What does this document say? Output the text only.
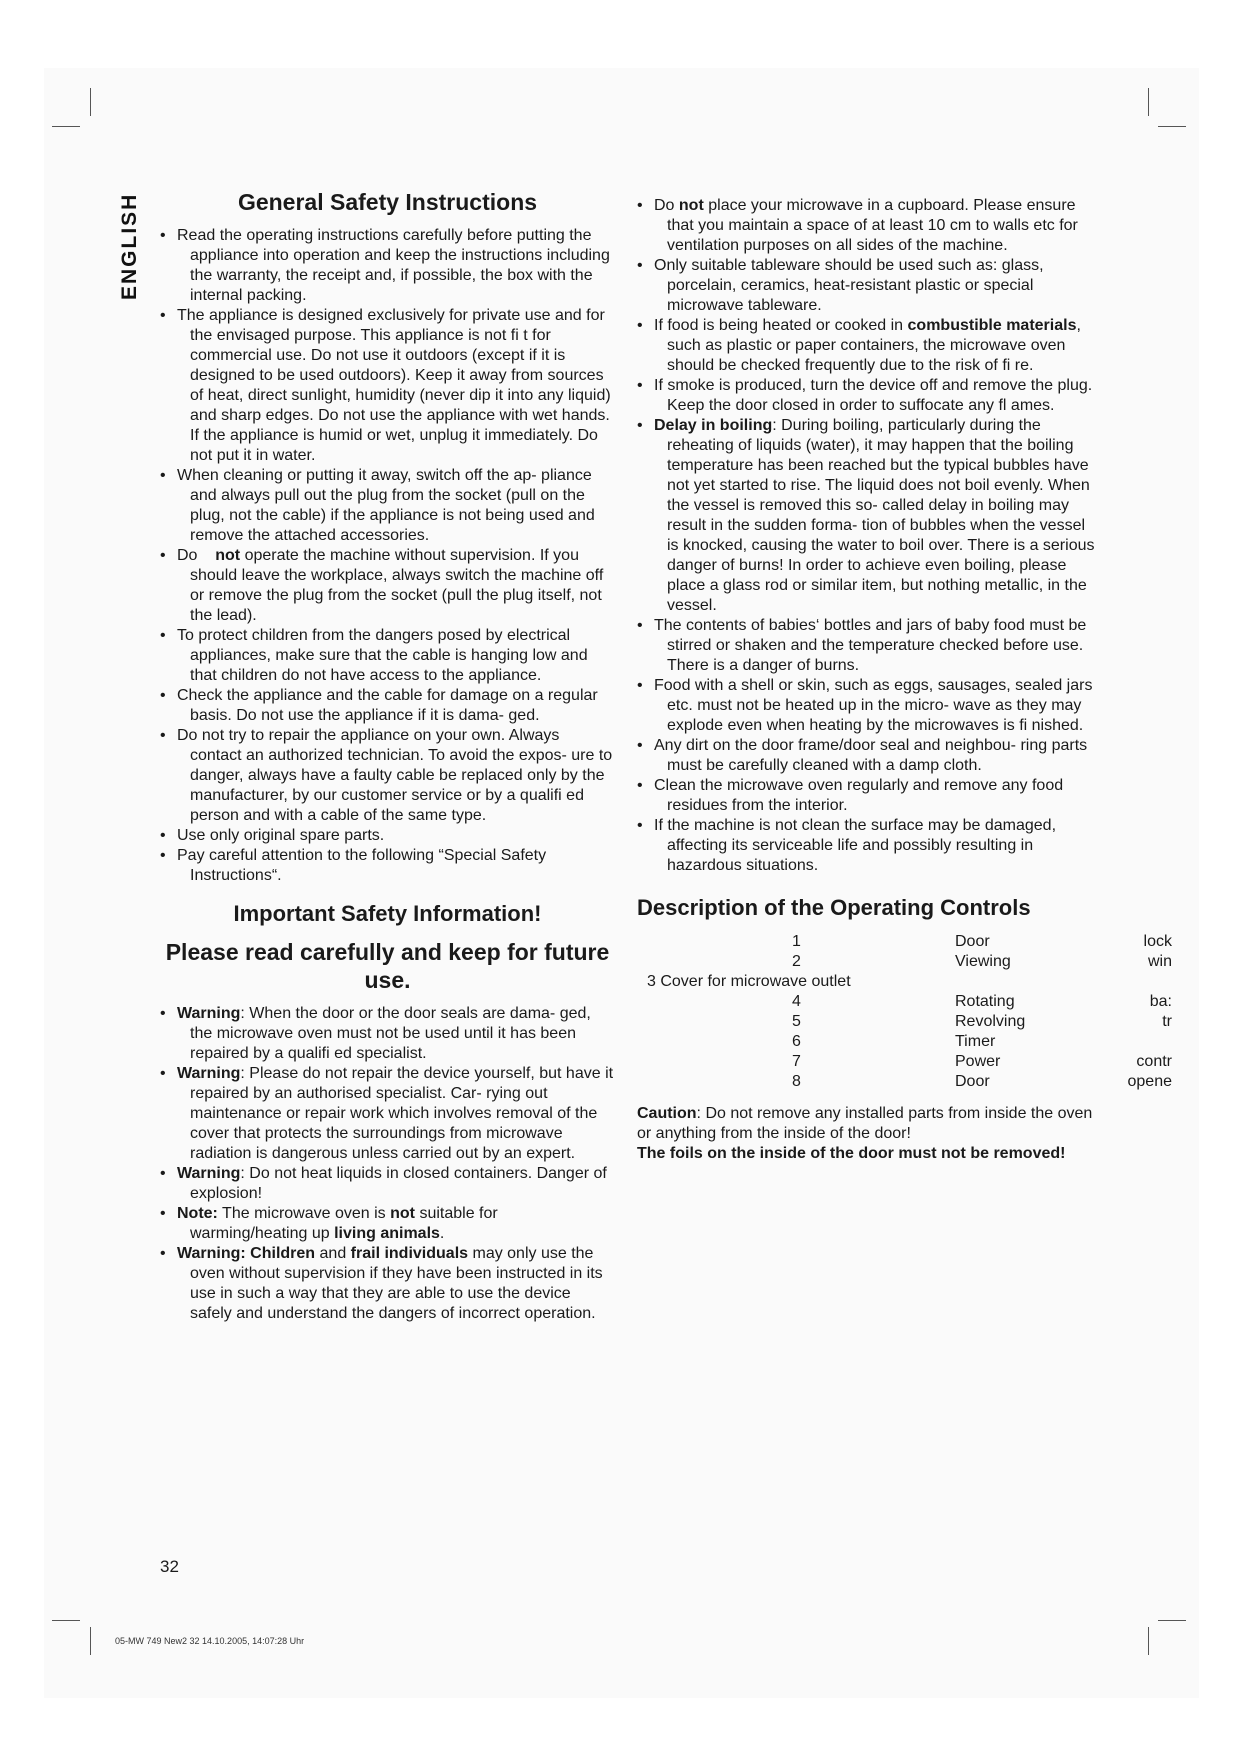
ENGLISH	General Safety Instructions
• Read the operating instructions carefully before putting the appliance into operation and keep the instructions including the warranty, the receipt and, if possible, the box with the internal packing.
• The appliance is designed exclusively for private use and for the envisaged purpose. This appliance is not fi t for commercial use. Do not use it outdoors (except if it is designed to be used outdoors). Keep it away from sources of heat, direct sunlight, humidity (never dip it into any liquid) and sharp edges. Do not use the appliance with wet hands. If the appliance is humid or wet, unplug it immediately. Do not put it in water.
• When cleaning or putting it away, switch off the ap- pliance and always pull out the plug from the socket (pull on the plug, not the cable) if the appliance is not being used and remove the attached accessories.
• Do not operate the machine without supervision. If you should leave the workplace, always switch the machine off or remove the plug from the socket (pull the plug itself, not the lead).
• To protect children from the dangers posed by electrical appliances, make sure that the cable is hanging low and that children do not have access to the appliance.
• Check the appliance and the cable for damage on a regular basis. Do not use the appliance if it is dama- ged.
• Do not try to repair the appliance on your own. Always contact an authorized technician. To avoid the expos- ure to danger, always have a faulty cable be replaced only by the manufacturer, by our customer service or by a qualifi ed person and with a cable of the same type.
• Use only original spare parts.
• Pay careful attention to the following “Special Safety Instructions“.
Important Safety Information!
Please read carefully and keep for future use.
• Warning: When the door or the door seals are dama- ged, the microwave oven must not be used until it has been repaired by a qualifi ed specialist.
• Warning: Please do not repair the device yourself, but have it repaired by an authorised specialist. Car- rying out maintenance or repair work which involves removal of the cover that protects the surroundings from microwave radiation is dangerous unless carried out by an expert.
• Warning: Do not heat liquids in closed containers. Danger of explosion!
• Note: The microwave oven is not suitable for warming/heating up living animals.
• Warning: Children and frail individuals may only use the oven without supervision if they have been instructed in its use in such a way that they are able to use the device safely and understand the dangers of incorrect operation.
• Do not place your microwave in a cupboard. Please ensure that you maintain a space of at least 10 cm to walls etc for ventilation purposes on all sides of the machine.
• Only suitable tableware should be used such as: glass, porcelain, ceramics, heat-resistant plastic or special microwave tableware.
• If food is being heated or cooked in combustible materials, such as plastic or paper containers, the microwave oven should be checked frequently due to the risk of fi re.
• If smoke is produced, turn the device off and remove the plug. Keep the door closed in order to suffocate any fl ames.
• Delay in boiling: During boiling, particularly during the reheating of liquids (water), it may happen that the boiling temperature has been reached but the typical bubbles have not yet started to rise. The liquid does not boil evenly. When the vessel is removed this so- called delay in boiling may result in the sudden forma- tion of bubbles when the vessel is knocked, causing the water to boil over. There is a serious danger of burns! In order to achieve even boiling, please place a glass rod or similar item, but nothing metallic, in the vessel.
• The contents of babies‘ bottles and jars of baby food must be stirred or shaken and the temperature checked before use. There is a danger of burns.
• Food with a shell or skin, such as eggs, sausages, sealed jars etc. must not be heated up in the micro- wave as they may explode even when heating by the microwaves is fi nished.
• Any dirt on the door frame/door seal and neighbou- ring parts must be carefully cleaned with a damp cloth.
• Clean the microwave oven regularly and remove any food residues from the interior.
• If the machine is not clean the surface may be damaged, affecting its serviceable life and possibly resulting in hazardous situations.
Description of the Operating Controls
1	Door	lock
2	Viewing	win
3 Cover for microwave outlet
4	Rotating	ba:
5	Revolving	tr
6	Timer
7	Power	contr
8	Door	opene
Caution: Do not remove any installed parts from inside the oven or anything from the inside of the door!
The foils on the inside of the door must not be removed!
32
05-MW 749 New2 32 14.10.2005, 14:07:28 Uhr
